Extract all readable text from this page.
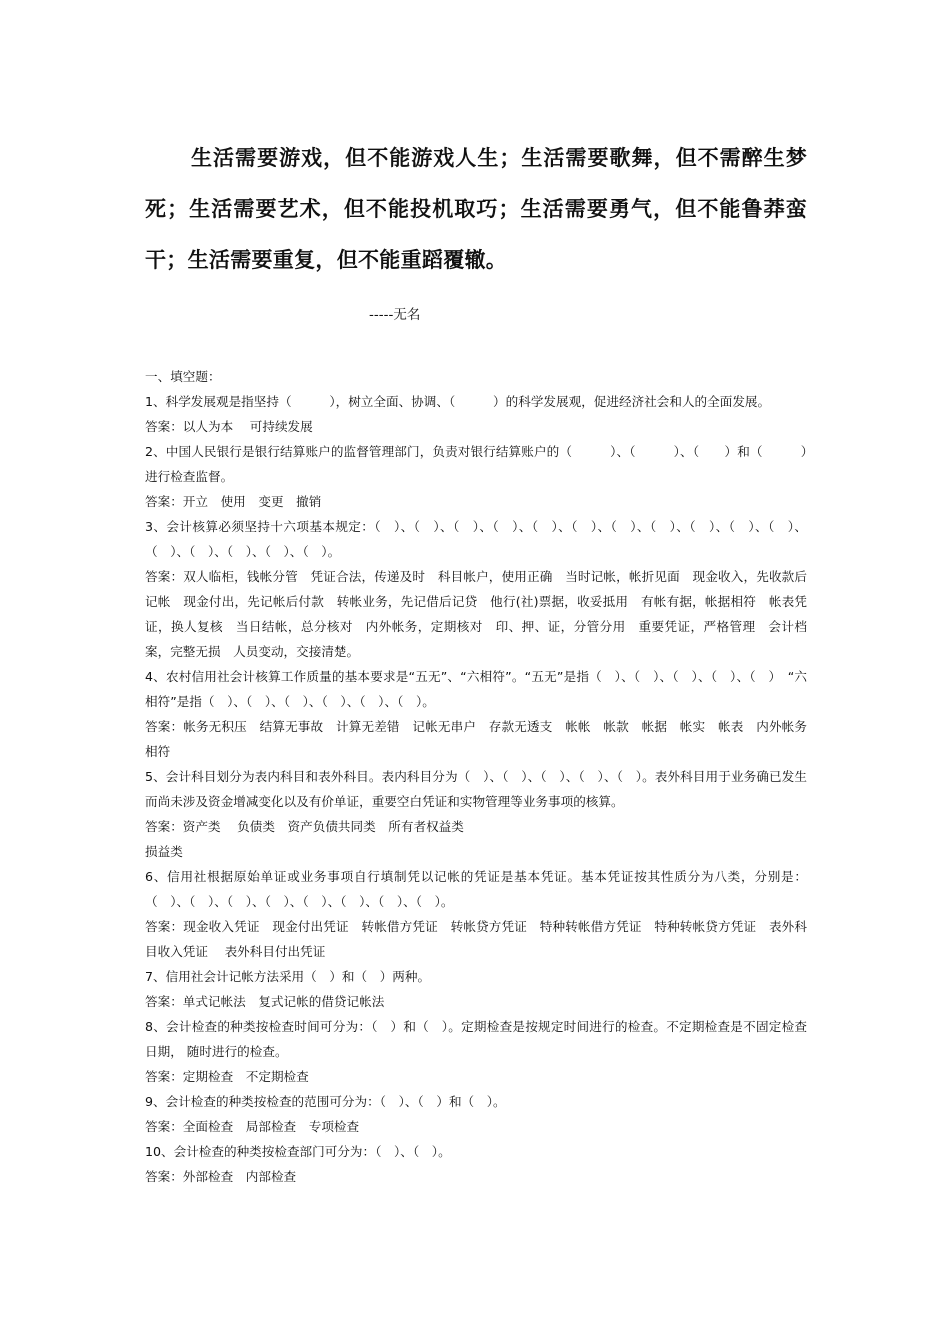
生活需要游戏，但不能游戏人生；生活需要歌舞，但不需醉生梦死；生活需要艺术，但不能投机取巧；生活需要勇气，但不能鲁莽蛮干；生活需要重复，但不能重蹈覆辙。

-----无名

一、填空题：

1、科学发展观是指坚持（　　　），树立全面、协调、（　　　）的科学发展观，促进经济社会和人的全面发展。

答案：以人为本　 可持续发展

2、中国人民银行是银行结算账户的监督管理部门，负责对银行结算账户的（　　　）、（　　　）、（　　）和（　　　）进行检查监督。

答案：开立　使用　变更　撤销

3、会计核算必须坚持十六项基本规定：（　）、（　）、（　）、（　）、（　）、（　）、（　）、（　）、（　）、（　）、（　）、（　）、（　）、（　）、（　）、（　）。

答案：双人临柜，钱帐分管　凭证合法，传递及时　科目帐户，使用正确　当时记帐，帐折见面　现金收入，先收款后记帐　现金付出，先记帐后付款　转帐业务，先记借后记贷　他行(社)票据，收妥抵用　有帐有据，帐据相符　帐表凭证，换人复核　当日结帐，总分核对　内外帐务，定期核对　印、押、证，分管分用　重要凭证，严格管理　会计档案，完整无损　人员变动，交接清楚。

4、农村信用社会计核算工作质量的基本要求是“五无”、“六相符”。“五无”是指（　）、（　）、（　）、（　）、（　）　“六相符”是指（　）、（　）、（　）、（　）、（　）、（　）。

答案：帐务无积压　结算无事故　计算无差错　记帐无串户　存款无透支　帐帐　帐款　帐据　帐实　帐表　内外帐务相符

5、会计科目划分为表内科目和表外科目。表内科目分为（　）、（　）、（　）、（　）、（　）。表外科目用于业务确已发生而尚未涉及资金增减变化以及有价单证，重要空白凭证和实物管理等业务事项的核算。

答案：资产类　 负债类　资产负债共同类　所有者权益类

损益类

6、信用社根据原始单证或业务事项自行填制凭以记帐的凭证是基本凭证。基本凭证按其性质分为八类，分别是：（　）、（　）、（　）、（　）、（　）、（　）、（　）、（　）。

答案：现金收入凭证　现金付出凭证　转帐借方凭证　转帐贷方凭证　特种转帐借方凭证　特种转帐贷方凭证　表外科目收入凭证　 表外科目付出凭证

7、信用社会计记帐方法采用（　）和（　）两种。

答案：单式记帐法　复式记帐的借贷记帐法

8、会计检查的种类按检查时间可分为：（　）和（　）。定期检查是按规定时间进行的检查。不定期检查是不固定检查日期， 随时进行的检查。

答案：定期检查　不定期检查

9、会计检查的种类按检查的范围可分为：（　）、（　）和（　）。

答案：全面检查　局部检查　专项检查

10、会计检查的种类按检查部门可分为：（　）、（　）。

答案：外部检查　内部检查
